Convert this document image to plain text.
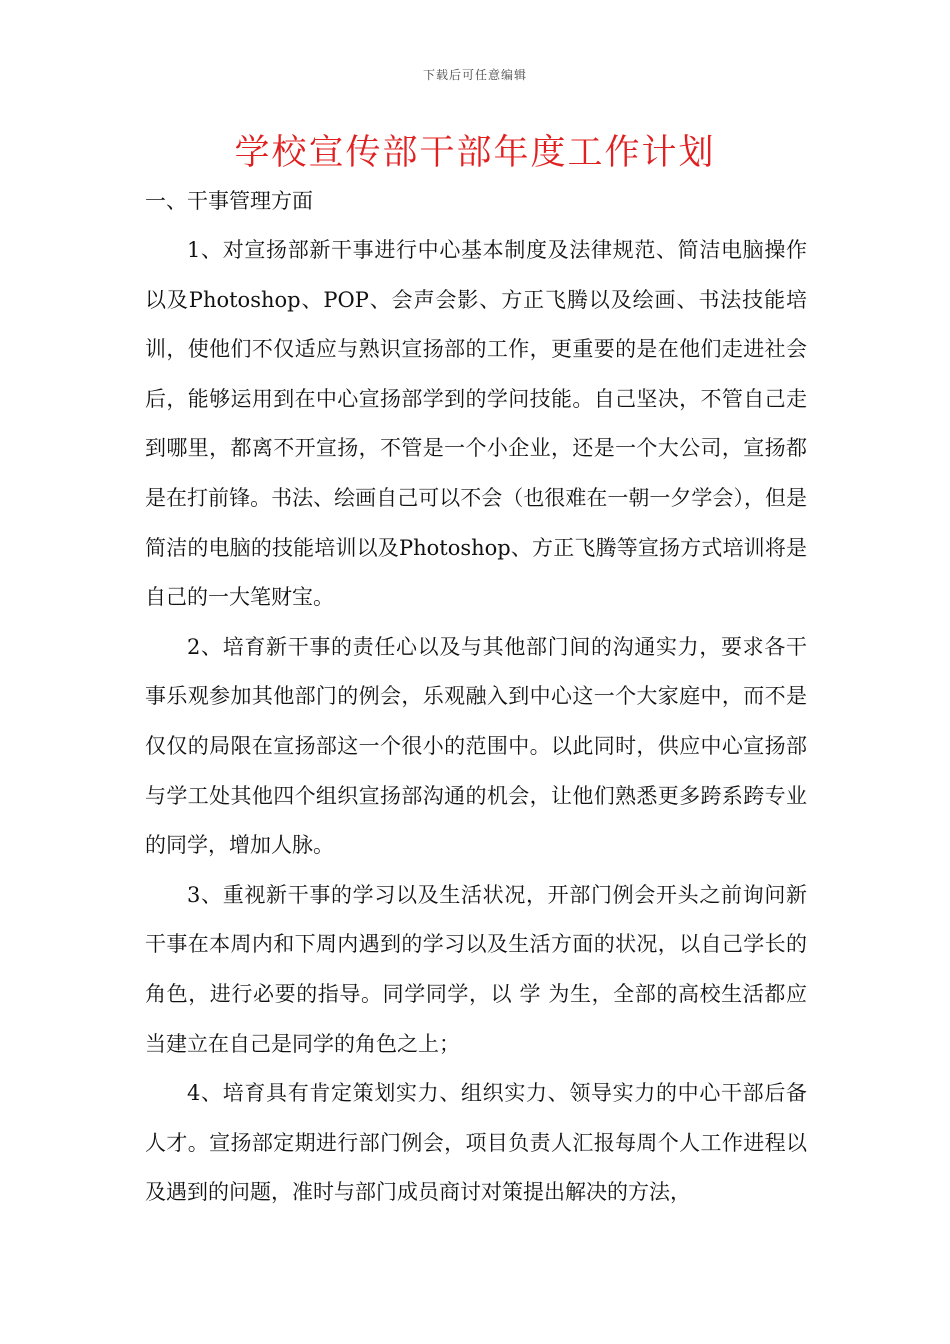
下载后可任意编辑
学校宣传部干部年度工作计划
一、干事管理方面

1、对宣扬部新干事进行中心基本制度及法律规范、简洁电脑操作以及Photoshop、POP、会声会影、方正飞腾以及绘画、书法技能培训，使他们不仅适应与熟识宣扬部的工作，更重要的是在他们走进社会后，能够运用到在中心宣扬部学到的学问技能。自己坚决，不管自己走到哪里，都离不开宣扬，不管是一个小企业，还是一个大公司，宣扬都是在打前锋。书法、绘画自己可以不会（也很难在一朝一夕学会），但是简洁的电脑的技能培训以及Photoshop、方正飞腾等宣扬方式培训将是自己的一大笔财宝。

2、培育新干事的责任心以及与其他部门间的沟通实力，要求各干事乐观参加其他部门的例会，乐观融入到中心这一个大家庭中，而不是仅仅的局限在宣扬部这一个很小的范围中。以此同时，供应中心宣扬部与学工处其他四个组织宣扬部沟通的机会，让他们熟悉更多跨系跨专业的同学，增加人脉。

3、重视新干事的学习以及生活状况，开部门例会开头之前询问新干事在本周内和下周内遇到的学习以及生活方面的状况，以自己学长的角色，进行必要的指导。同学同学，以 学 为生，全部的高校生活都应当建立在自己是同学的角色之上；

4、培育具有肯定策划实力、组织实力、领导实力的中心干部后备人才。宣扬部定期进行部门例会，项目负责人汇报每周个人工作进程以及遇到的问题，准时与部门成员商讨对策提出解决的方法，
